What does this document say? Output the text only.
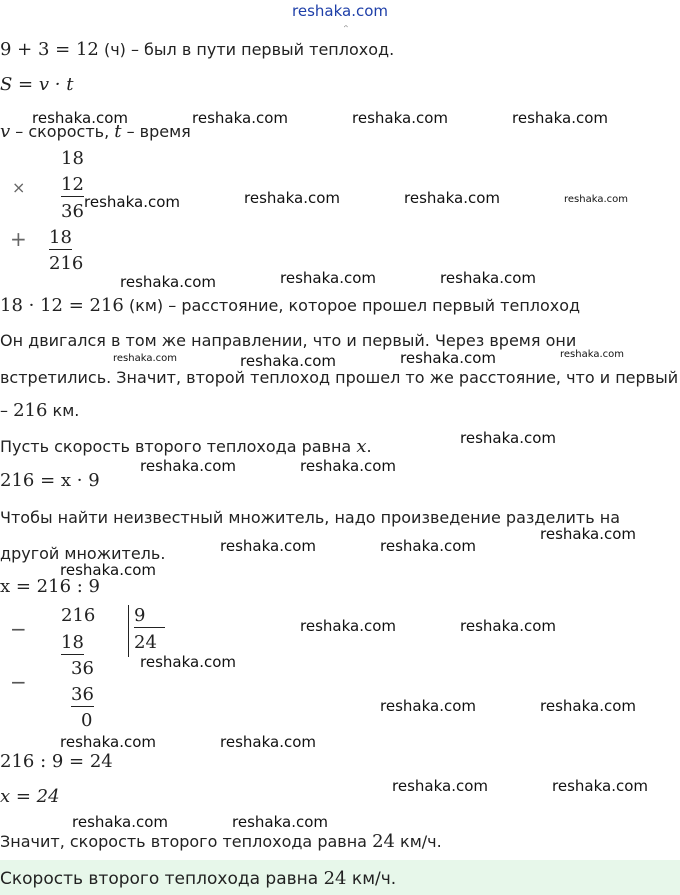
reshaka.com
ᵔ
9 + 3 = 12 (ч) – был в пути первый теплоход.
S = v · t
v – скорость, t – время
18
× 12
36
+ 18
216
18 · 12 = 216 (км) – расстояние, которое прошел первый теплоход
Он двигался в том же направлении, что и первый. Через время они
встретились. Значит, второй теплоход прошел то же расстояние, что и первый
– 216 км.
Пусть скорость второго теплохода равна x.
216 = x · 9
Чтобы найти неизвестный множитель, надо произведение разделить на
другой множитель.
x = 216 : 9
−
216
18
9
24
−
36
36
0
216 : 9 = 24
x = 24
Значит, скорость второго теплохода равна 24 км/ч.
Скорость второго теплохода равна 24 км/ч.
reshaka.com	reshaka.com	reshaka.com	reshaka.com
reshaka.com	reshaka.com	reshaka.com	reshaka.com
reshaka.com	reshaka.com	reshaka.com
reshaka.com	reshaka.com	reshaka.com	reshaka.com
reshaka.com
reshaka.com	reshaka.com
reshaka.com
reshaka.com	reshaka.com
reshaka.com
reshaka.com	reshaka.com
reshaka.com
reshaka.com	reshaka.com
reshaka.com	reshaka.com
reshaka.com	reshaka.com
reshaka.com	reshaka.com
